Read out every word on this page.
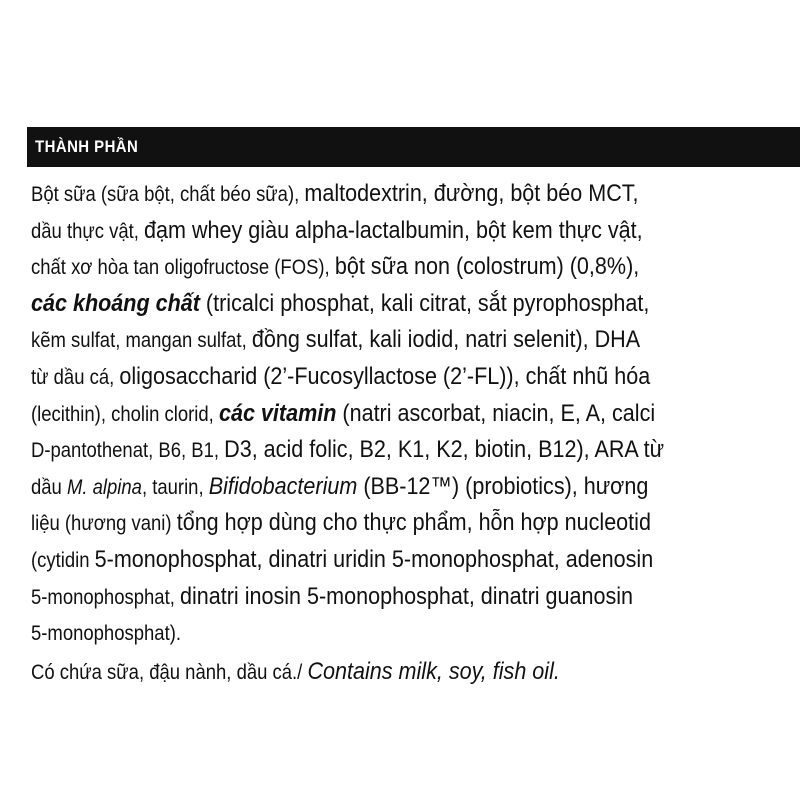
THÀNH PHẦN
Bột sữa (sữa bột, chất béo sữa), maltodextrin, đường, bột béo MCT,
dầu thực vật, đạm whey giàu alpha-lactalbumin, bột kem thực vật,
chất xơ hòa tan oligofructose (FOS), bột sữa non (colostrum) (0,8%),
các khoáng chất (tricalci phosphat, kali citrat, sắt pyrophosphat,
kẽm sulfat, mangan sulfat, đồng sulfat, kali iodid, natri selenit), DHA
từ dầu cá, oligosaccharid (2’-Fucosyllactose (2’-FL)), chất nhũ hóa
(lecithin), cholin clorid, các vitamin (natri ascorbat, niacin, E, A, calci
D-pantothenat, B6, B1, D3, acid folic, B2, K1, K2, biotin, B12), ARA từ
dầu M. alpina, taurin, Bifidobacterium (BB-12™) (probiotics), hương
liệu (hương vani) tổng hợp dùng cho thực phẩm, hỗn hợp nucleotid
(cytidin 5-monophosphat, dinatri uridin 5-monophosphat, adenosin
5-monophosphat, dinatri inosin 5-monophosphat, dinatri guanosin
5-monophosphat).
Có chứa sữa, đậu nành, dầu cá./ Contains milk, soy, fish oil.
